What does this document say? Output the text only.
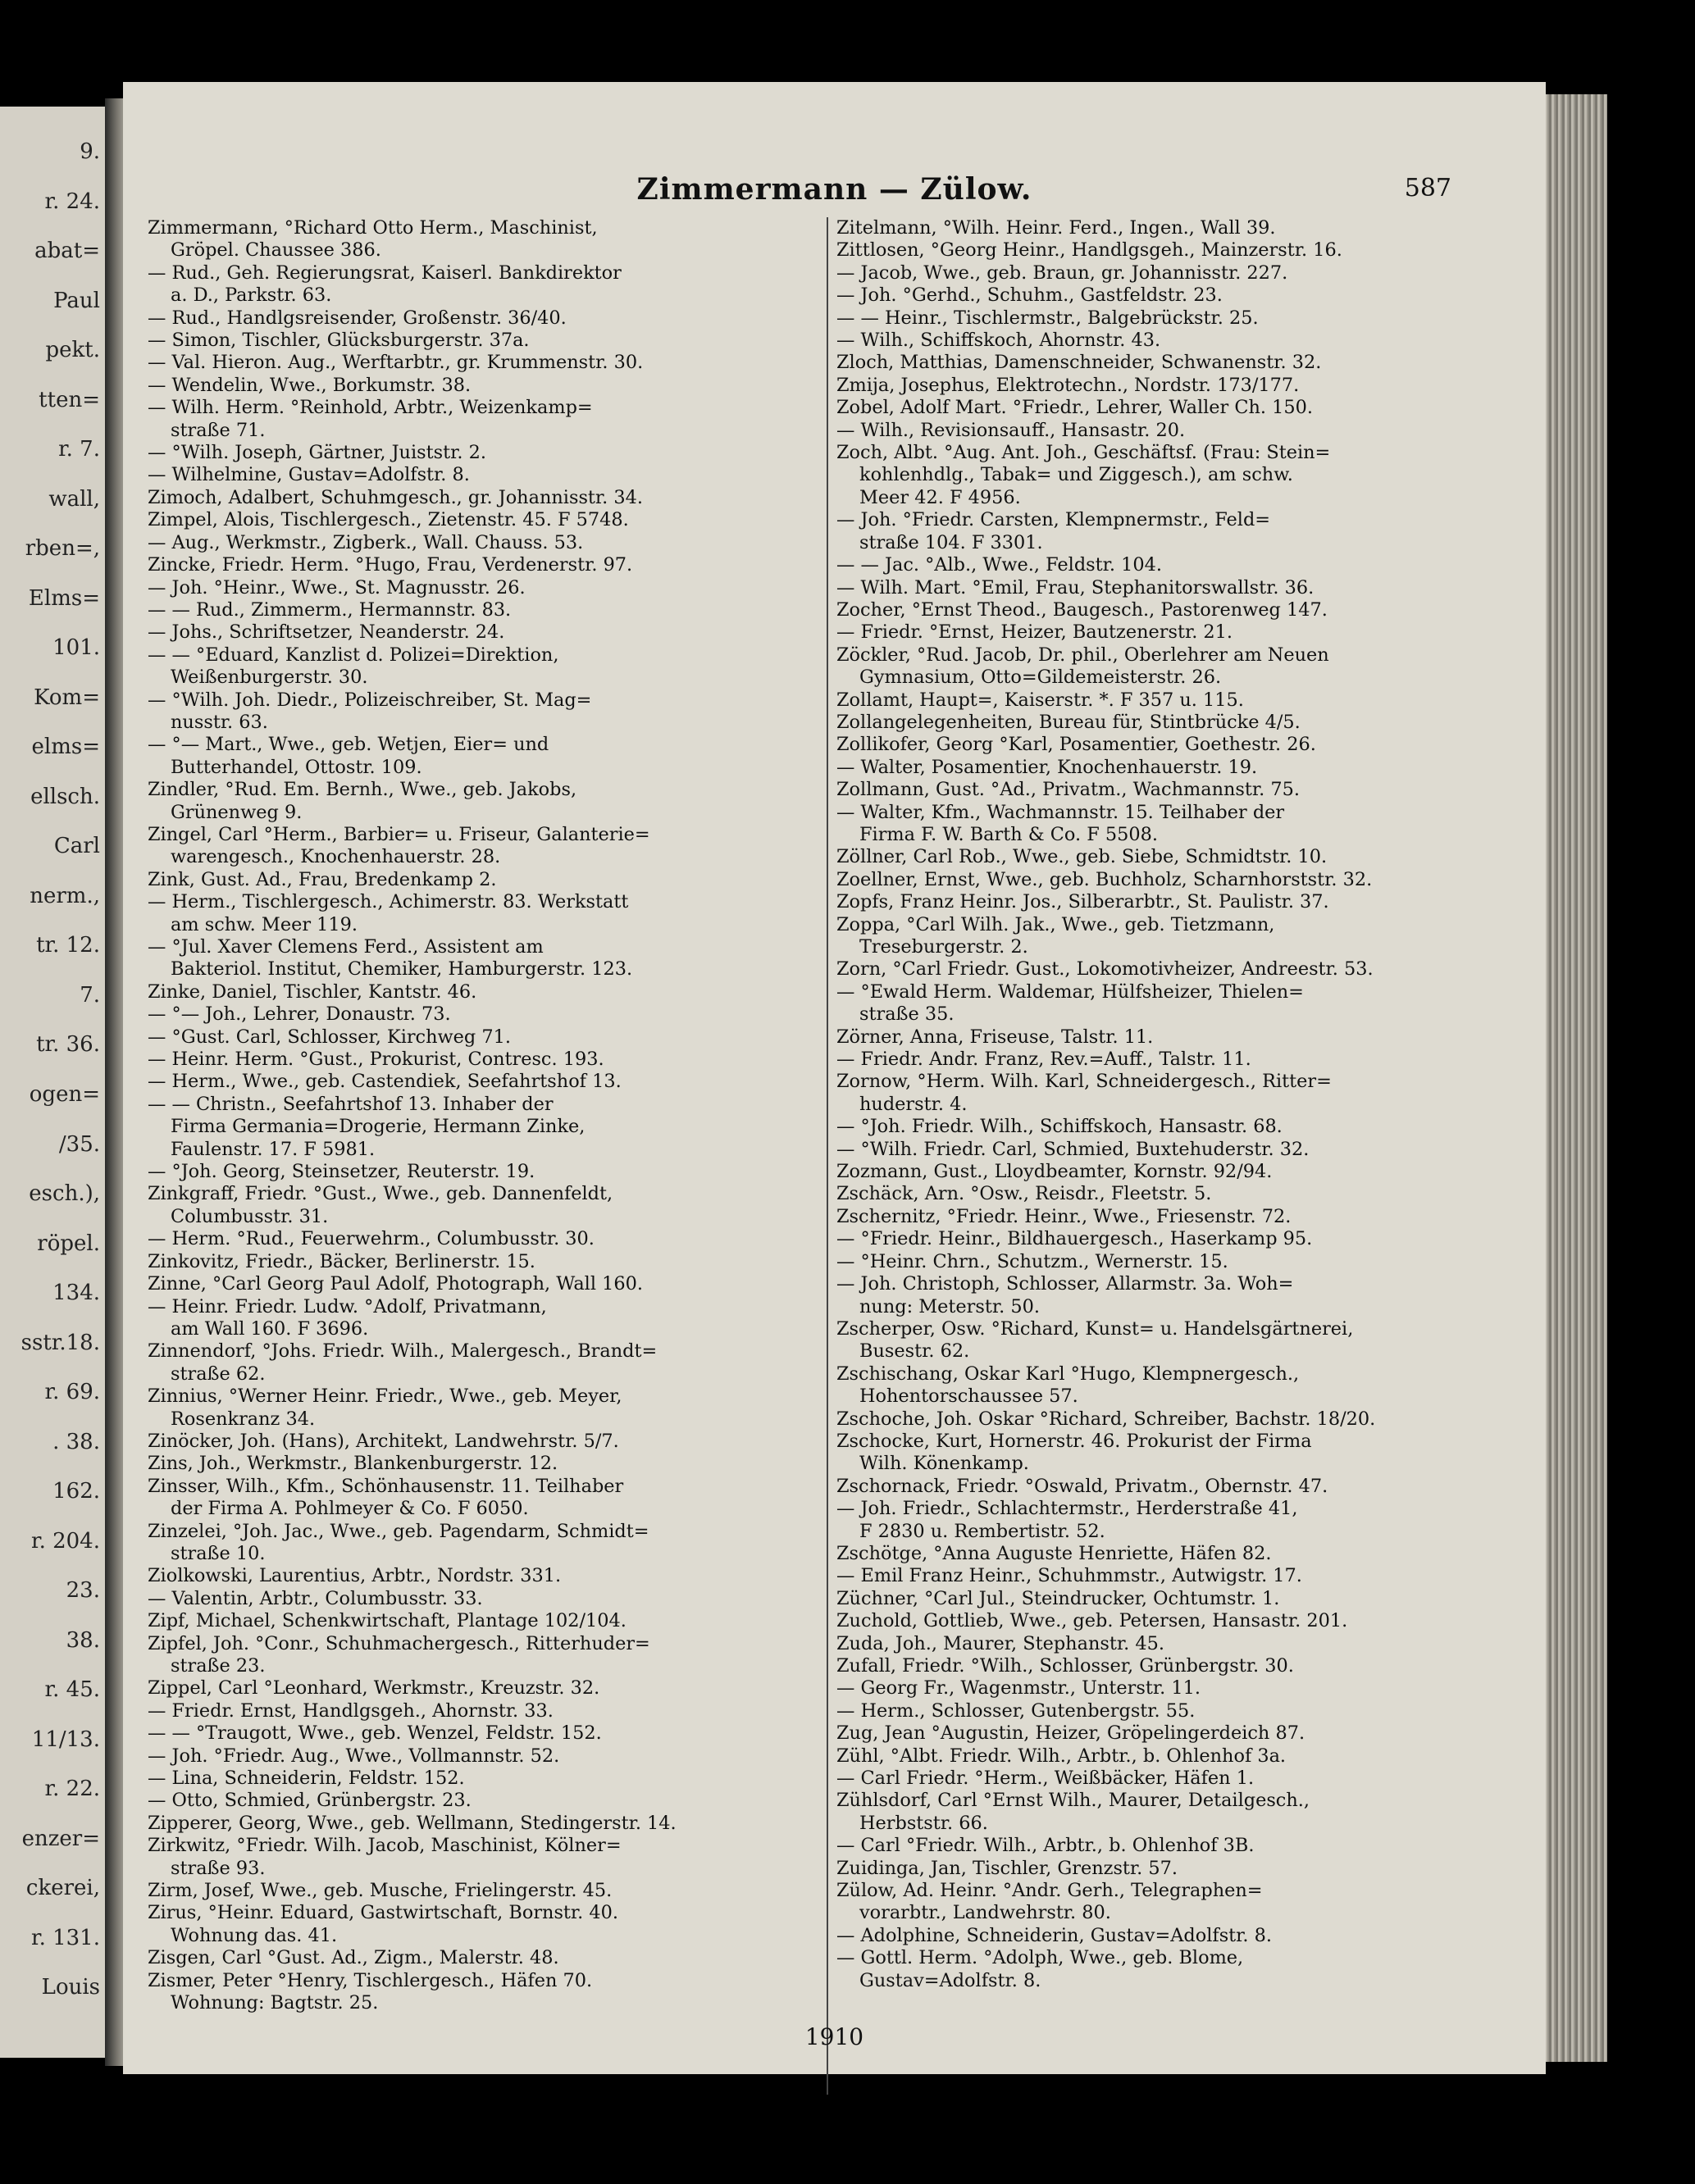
9.
r. 24.
abat=
Paul
pekt.
tten=
r. 7.
wall,
rben=,
Elms=
101.
Kom=
elms=
ellsch.
Carl
nerm.,
tr. 12.
7.
tr. 36.
ogen=
/35.
esch.),
röpel.
134.
sstr.18.
r. 69.
. 38.
162.
r. 204.
23.
38.
r. 45.
11/13.
r. 22.
enzer=
ckerei,
r. 131.
Louis
Zimmermann — Zülow.	587

Zimmermann, °Richard Otto Herm., Maschinist,
Gröpel. Chaussee 386.

— Rud., Geh. Regierungsrat, Kaiserl. Bankdirektor
a. D., Parkstr. 63.

— Rud., Handlgsreisender, Großenstr. 36/40.

— Simon, Tischler, Glücksburgerstr. 37a.

— Val. Hieron. Aug., Werftarbtr., gr. Krummenstr. 30.

— Wendelin, Wwe., Borkumstr. 38.

— Wilh. Herm. °Reinhold, Arbtr., Weizenkamp=
straße 71.

— °Wilh. Joseph, Gärtner, Juiststr. 2.

— Wilhelmine, Gustav=Adolfstr. 8.

Zimoch, Adalbert, Schuhmgesch., gr. Johannisstr. 34.

Zimpel, Alois, Tischlergesch., Zietenstr. 45. F 5748.

— Aug., Werkmstr., Zigberk., Wall. Chauss. 53.

Zincke, Friedr. Herm. °Hugo, Frau, Verdenerstr. 97.

— Joh. °Heinr., Wwe., St. Magnusstr. 26.

— — Rud., Zimmerm., Hermannstr. 83.

— Johs., Schriftsetzer, Neanderstr. 24.

— — °Eduard, Kanzlist d. Polizei=Direktion,
Weißenburgerstr. 30.

— °Wilh. Joh. Diedr., Polizeischreiber, St. Mag=
nusstr. 63.

— °— Mart., Wwe., geb. Wetjen, Eier= und
Butterhandel, Ottostr. 109.

Zindler, °Rud. Em. Bernh., Wwe., geb. Jakobs,
Grünenweg 9.

Zingel, Carl °Herm., Barbier= u. Friseur, Galanterie=
warengesch., Knochenhauerstr. 28.

Zink, Gust. Ad., Frau, Bredenkamp 2.

— Herm., Tischlergesch., Achimerstr. 83. Werkstatt
am schw. Meer 119.

— °Jul. Xaver Clemens Ferd., Assistent am
Bakteriol. Institut, Chemiker, Hamburgerstr. 123.

Zinke, Daniel, Tischler, Kantstr. 46.

— °— Joh., Lehrer, Donaustr. 73.

— °Gust. Carl, Schlosser, Kirchweg 71.

— Heinr. Herm. °Gust., Prokurist, Contresc. 193.

— Herm., Wwe., geb. Castendiek, Seefahrtshof 13.

— — Christn., Seefahrtshof 13. Inhaber der
Firma Germania=Drogerie, Hermann Zinke,
Faulenstr. 17. F 5981.

— °Joh. Georg, Steinsetzer, Reuterstr. 19.

Zinkgraff, Friedr. °Gust., Wwe., geb. Dannenfeldt,
Columbusstr. 31.

— Herm. °Rud., Feuerwehrm., Columbusstr. 30.

Zinkovitz, Friedr., Bäcker, Berlinerstr. 15.

Zinne, °Carl Georg Paul Adolf, Photograph, Wall 160.

— Heinr. Friedr. Ludw. °Adolf, Privatmann,
am Wall 160. F 3696.

Zinnendorf, °Johs. Friedr. Wilh., Malergesch., Brandt=
straße 62.

Zinnius, °Werner Heinr. Friedr., Wwe., geb. Meyer,
Rosenkranz 34.

Zinöcker, Joh. (Hans), Architekt, Landwehrstr. 5/7.

Zins, Joh., Werkmstr., Blankenburgerstr. 12.

Zinsser, Wilh., Kfm., Schönhausenstr. 11. Teilhaber
der Firma A. Pohlmeyer & Co. F 6050.

Zinzelei, °Joh. Jac., Wwe., geb. Pagendarm, Schmidt=
straße 10.

Ziolkowski, Laurentius, Arbtr., Nordstr. 331.

— Valentin, Arbtr., Columbusstr. 33.

Zipf, Michael, Schenkwirtschaft, Plantage 102/104.

Zipfel, Joh. °Conr., Schuhmachergesch., Ritterhuder=
straße 23.

Zippel, Carl °Leonhard, Werkmstr., Kreuzstr. 32.

— Friedr. Ernst, Handlgsgeh., Ahornstr. 33.

— — °Traugott, Wwe., geb. Wenzel, Feldstr. 152.

— Joh. °Friedr. Aug., Wwe., Vollmannstr. 52.

— Lina, Schneiderin, Feldstr. 152.

— Otto, Schmied, Grünbergstr. 23.

Zipperer, Georg, Wwe., geb. Wellmann, Stedingerstr. 14.

Zirkwitz, °Friedr. Wilh. Jacob, Maschinist, Kölner=
straße 93.

Zirm, Josef, Wwe., geb. Musche, Frielingerstr. 45.

Zirus, °Heinr. Eduard, Gastwirtschaft, Bornstr. 40.
Wohnung das. 41.

Zisgen, Carl °Gust. Ad., Zigm., Malerstr. 48.

Zismer, Peter °Henry, Tischlergesch., Häfen 70.
Wohnung: Bagtstr. 25.

Zitelmann, °Wilh. Heinr. Ferd., Ingen., Wall 39.

Zittlosen, °Georg Heinr., Handlgsgeh., Mainzerstr. 16.

— Jacob, Wwe., geb. Braun, gr. Johannisstr. 227.

— Joh. °Gerhd., Schuhm., Gastfeldstr. 23.

— — Heinr., Tischlermstr., Balgebrückstr. 25.

— Wilh., Schiffskoch, Ahornstr. 43.

Zloch, Matthias, Damenschneider, Schwanenstr. 32.

Zmija, Josephus, Elektrotechn., Nordstr. 173/177.

Zobel, Adolf Mart. °Friedr., Lehrer, Waller Ch. 150.

— Wilh., Revisionsauff., Hansastr. 20.

Zoch, Albt. °Aug. Ant. Joh., Geschäftsf. (Frau: Stein=
kohlenhdlg., Tabak= und Ziggesch.), am schw.
Meer 42. F 4956.

— Joh. °Friedr. Carsten, Klempnermstr., Feld=
straße 104. F 3301.

— — Jac. °Alb., Wwe., Feldstr. 104.

— Wilh. Mart. °Emil, Frau, Stephanitorswallstr. 36.

Zocher, °Ernst Theod., Baugesch., Pastorenweg 147.

— Friedr. °Ernst, Heizer, Bautzenerstr. 21.

Zöckler, °Rud. Jacob, Dr. phil., Oberlehrer am Neuen
Gymnasium, Otto=Gildemeisterstr. 26.

Zollamt, Haupt=, Kaiserstr. *. F 357 u. 115.

Zollangelegenheiten, Bureau für, Stintbrücke 4/5.

Zollikofer, Georg °Karl, Posamentier, Goethestr. 26.

— Walter, Posamentier, Knochenhauerstr. 19.

Zollmann, Gust. °Ad., Privatm., Wachmannstr. 75.

— Walter, Kfm., Wachmannstr. 15. Teilhaber der
Firma F. W. Barth & Co. F 5508.

Zöllner, Carl Rob., Wwe., geb. Siebe, Schmidtstr. 10.

Zoellner, Ernst, Wwe., geb. Buchholz, Scharnhorststr. 32.

Zopfs, Franz Heinr. Jos., Silberarbtr., St. Paulistr. 37.

Zoppa, °Carl Wilh. Jak., Wwe., geb. Tietzmann,
Treseburgerstr. 2.

Zorn, °Carl Friedr. Gust., Lokomotivheizer, Andreestr. 53.

— °Ewald Herm. Waldemar, Hülfsheizer, Thielen=
straße 35.

Zörner, Anna, Friseuse, Talstr. 11.

— Friedr. Andr. Franz, Rev.=Auff., Talstr. 11.

Zornow, °Herm. Wilh. Karl, Schneidergesch., Ritter=
huderstr. 4.

— °Joh. Friedr. Wilh., Schiffskoch, Hansastr. 68.

— °Wilh. Friedr. Carl, Schmied, Buxtehuderstr. 32.

Zozmann, Gust., Lloydbeamter, Kornstr. 92/94.

Zschäck, Arn. °Osw., Reisdr., Fleetstr. 5.

Zschernitz, °Friedr. Heinr., Wwe., Friesenstr. 72.

— °Friedr. Heinr., Bildhauergesch., Haserkamp 95.

— °Heinr. Chrn., Schutzm., Wernerstr. 15.

— Joh. Christoph, Schlosser, Allarmstr. 3a. Woh=
nung: Meterstr. 50.

Zscherper, Osw. °Richard, Kunst= u. Handelsgärtnerei,
Busestr. 62.

Zschischang, Oskar Karl °Hugo, Klempnergesch.,
Hohentorschaussee 57.

Zschoche, Joh. Oskar °Richard, Schreiber, Bachstr. 18/20.

Zschocke, Kurt, Hornerstr. 46. Prokurist der Firma
Wilh. Könenkamp.

Zschornack, Friedr. °Oswald, Privatm., Obernstr. 47.

— Joh. Friedr., Schlachtermstr., Herderstraße 41,
F 2830 u. Rembertistr. 52.

Zschötge, °Anna Auguste Henriette, Häfen 82.

— Emil Franz Heinr., Schuhmmstr., Autwigstr. 17.

Züchner, °Carl Jul., Steindrucker, Ochtumstr. 1.

Zuchold, Gottlieb, Wwe., geb. Petersen, Hansastr. 201.

Zuda, Joh., Maurer, Stephanstr. 45.

Zufall, Friedr. °Wilh., Schlosser, Grünbergstr. 30.

— Georg Fr., Wagenmstr., Unterstr. 11.

— Herm., Schlosser, Gutenbergstr. 55.

Zug, Jean °Augustin, Heizer, Gröpelingerdeich 87.

Zühl, °Albt. Friedr. Wilh., Arbtr., b. Ohlenhof 3a.

— Carl Friedr. °Herm., Weißbäcker, Häfen 1.

Zühlsdorf, Carl °Ernst Wilh., Maurer, Detailgesch.,
Herbststr. 66.

— Carl °Friedr. Wilh., Arbtr., b. Ohlenhof 3B.

Zuidinga, Jan, Tischler, Grenzstr. 57.

Zülow, Ad. Heinr. °Andr. Gerh., Telegraphen=
vorarbtr., Landwehrstr. 80.

— Adolphine, Schneiderin, Gustav=Adolfstr. 8.

— Gottl. Herm. °Adolph, Wwe., geb. Blome,
Gustav=Adolfstr. 8.

1910
